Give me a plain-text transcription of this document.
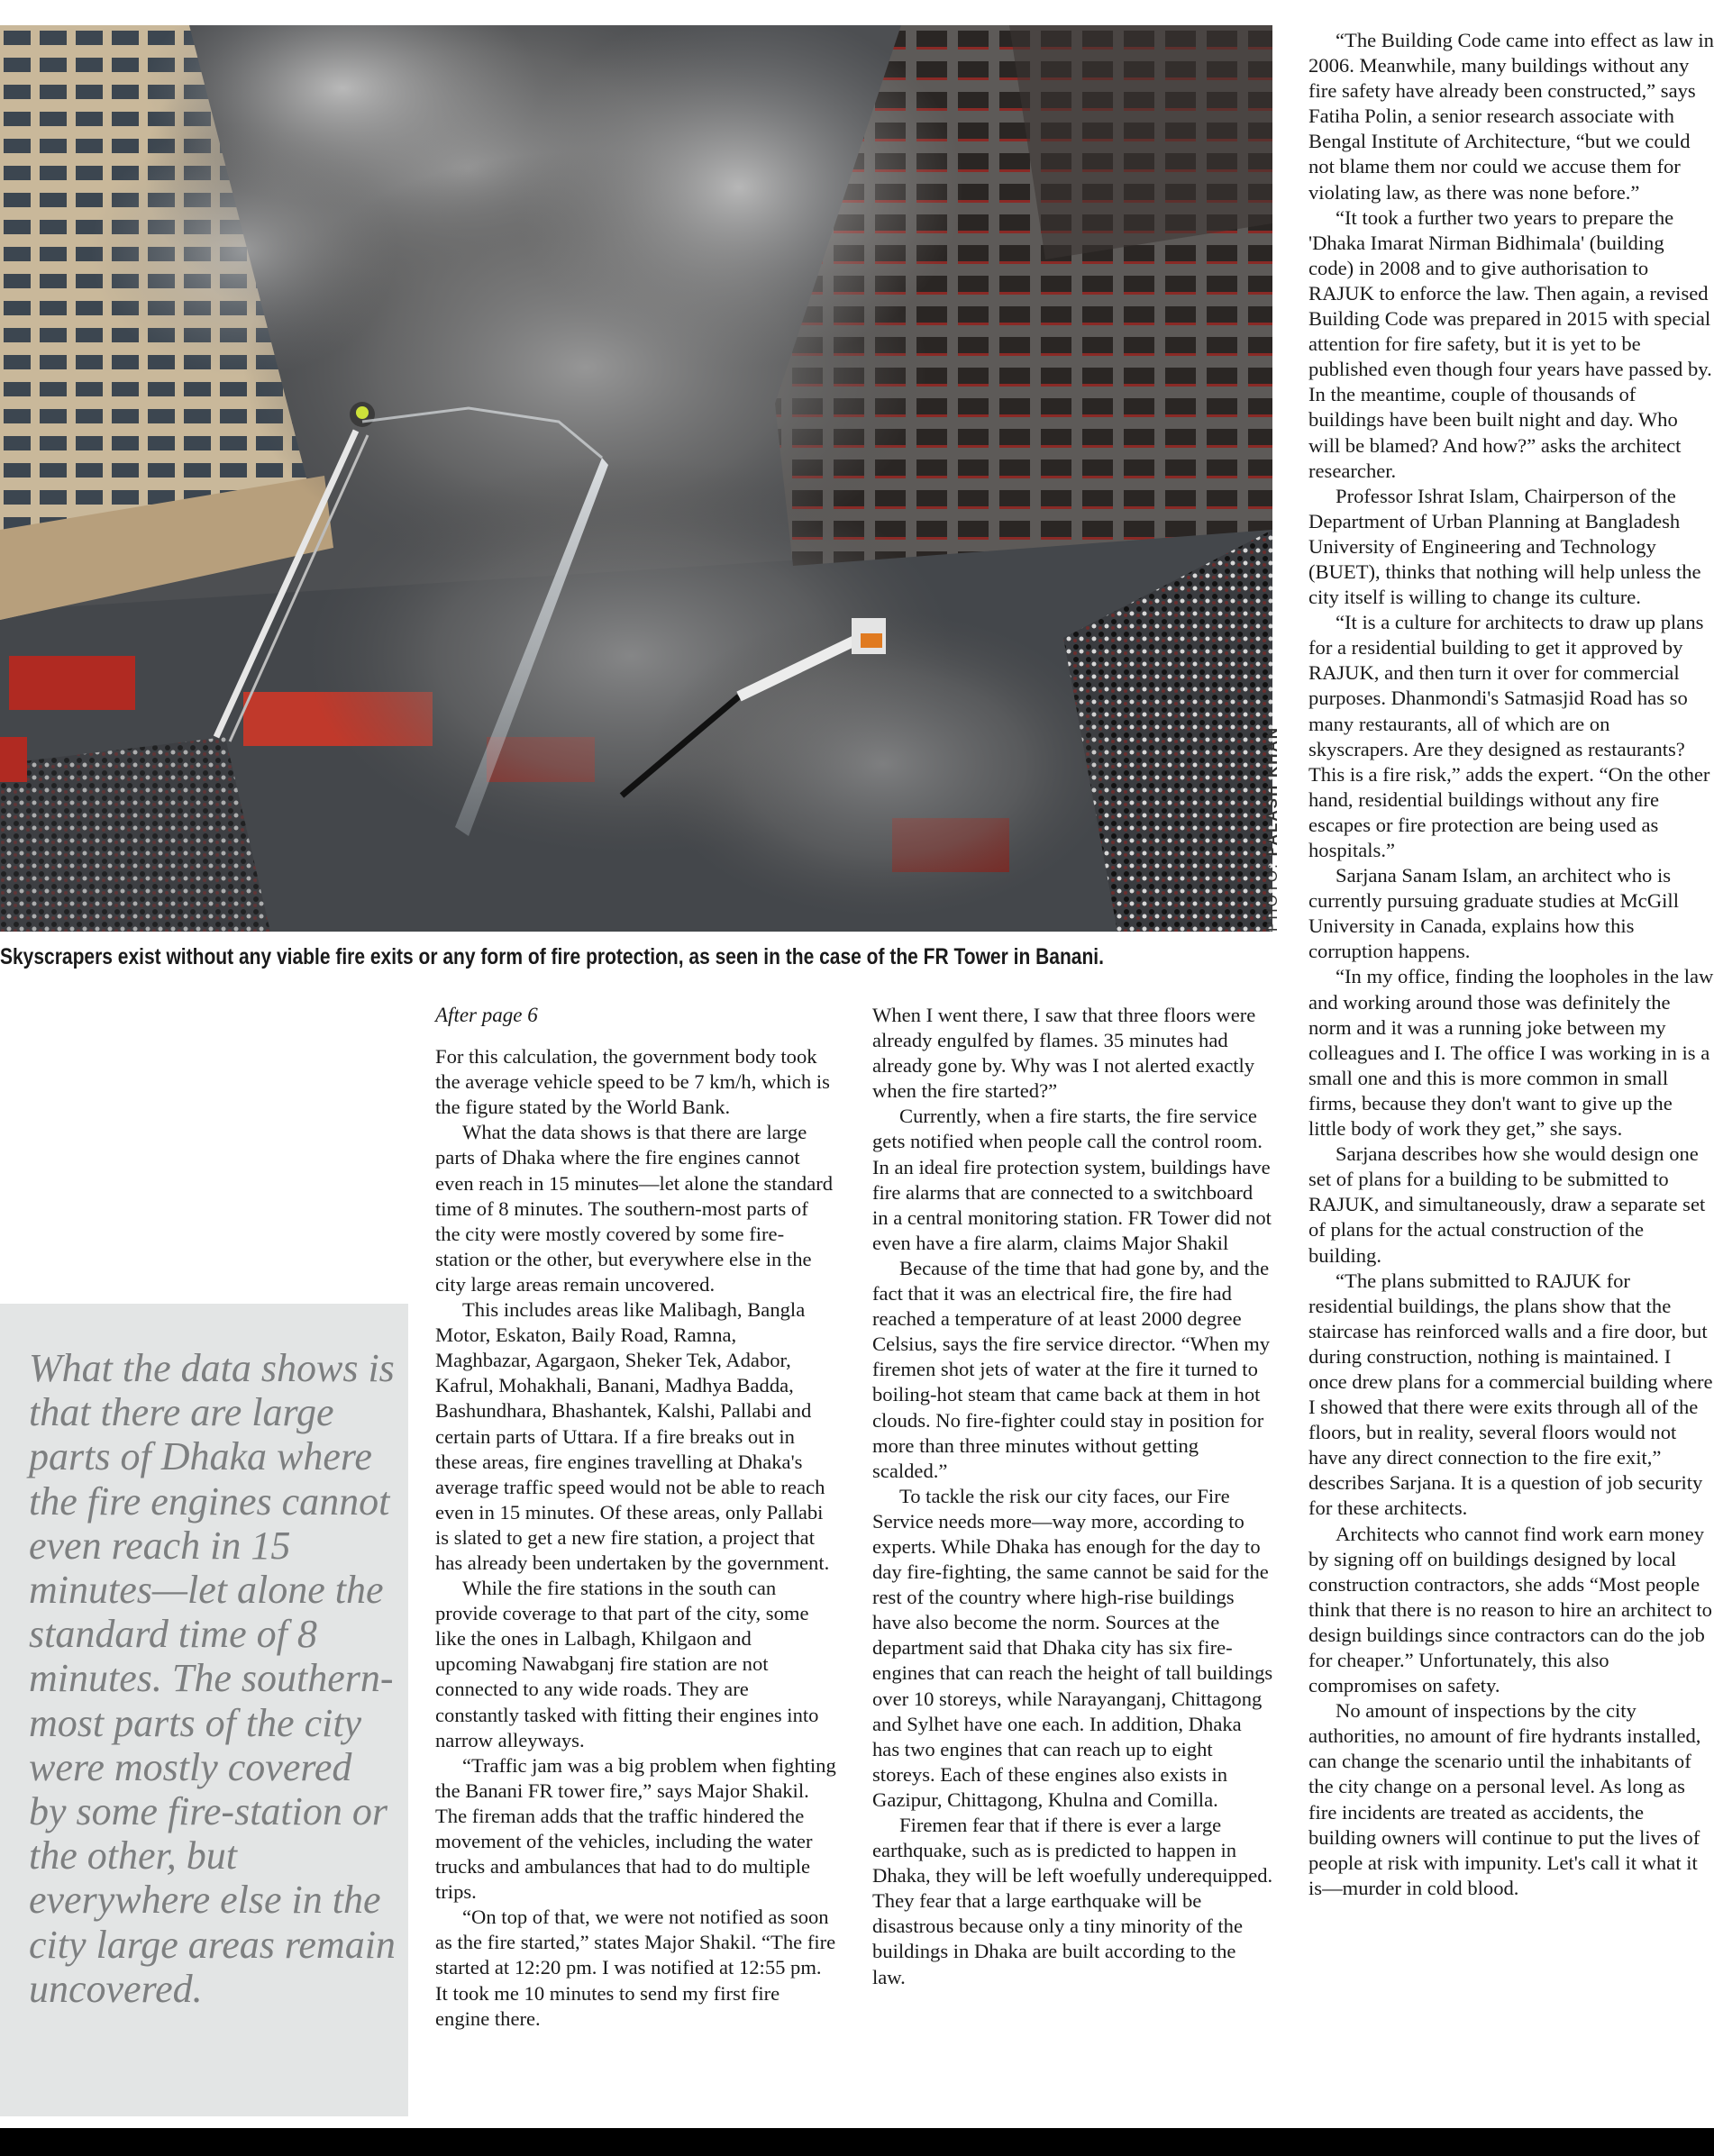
PHOTO: PALASH KHAN
Skyscrapers exist without any viable fire exits or any form of fire protection, as seen in the case of the FR Tower in Banani.
What the data shows is that there are large parts of Dhaka where the fire engines cannot even reach in 15 minutes—let alone the standard time of 8 minutes. The southern-most parts of the city were mostly covered by some fire-station or the other, but everywhere else in the city large areas remain uncovered.

After page 6

For this calculation, the government body took the average vehicle speed to be 7 km/h, which is the figure stated by the World Bank.

What the data shows is that there are large parts of Dhaka where the fire engines cannot even reach in 15 minutes—let alone the standard time of 8 minutes. The southern-most parts of the city were mostly covered by some fire-station or the other, but everywhere else in the city large areas remain uncovered.

This includes areas like Malibagh, Bangla Motor, Eskaton, Baily Road, Ramna, Maghbazar, Agargaon, Sheker Tek, Adabor, Kafrul, Mohakhali, Banani, Madhya Badda, Bashundhara, Bhashantek, Kalshi, Pallabi and certain parts of Uttara. If a fire breaks out in these areas, fire engines travelling at Dhaka's average traffic speed would not be able to reach even in 15 minutes. Of these areas, only Pallabi is slated to get a new fire station, a project that has already been undertaken by the government.

While the fire stations in the south can provide coverage to that part of the city, some like the ones in Lalbagh, Khilgaon and upcoming Nawabganj fire station are not connected to any wide roads. They are constantly tasked with fitting their engines into narrow alleyways.

“Traffic jam was a big problem when fighting the Banani FR tower fire,” says Major Shakil. The fireman adds that the traffic hindered the movement of the vehicles, including the water trucks and ambulances that had to do multiple trips.

“On top of that, we were not notified as soon as the fire started,” states Major Shakil. “The fire started at 12:20 pm. I was notified at 12:55 pm. It took me 10 minutes to send my first fire engine there.

When I went there, I saw that three floors were already engulfed by flames. 35 minutes had already gone by. Why was I not alerted exactly when the fire started?”

Currently, when a fire starts, the fire service gets notified when people call the control room. In an ideal fire protection system, buildings have fire alarms that are connected to a switchboard in a central monitoring station. FR Tower did not even have a fire alarm, claims Major Shakil

Because of the time that had gone by, and the fact that it was an electrical fire, the fire had reached a temperature of at least 2000 degree Celsius, says the fire service director. “When my firemen shot jets of water at the fire it turned to boiling-hot steam that came back at them in hot clouds. No fire-fighter could stay in position for more than three minutes without getting scalded.”

To tackle the risk our city faces, our Fire Service needs more—way more, according to experts. While Dhaka has enough for the day to day fire-fighting, the same cannot be said for the rest of the country where high-rise buildings have also become the norm. Sources at the department said that Dhaka city has six fire-engines that can reach the height of tall buildings over 10 storeys, while Narayanganj, Chittagong and Sylhet have one each. In addition, Dhaka has two engines that can reach up to eight storeys. Each of these engines also exists in Gazipur, Chittagong, Khulna and Comilla.

Firemen fear that if there is ever a large earthquake, such as is predicted to happen in Dhaka, they will be left woefully underequipped. They fear that a large earthquake will be disastrous because only a tiny minority of the buildings in Dhaka are built according to the law.

“The Building Code came into effect as law in 2006. Meanwhile, many buildings without any fire safety have already been constructed,” says Fatiha Polin, a senior research associate with Bengal Institute of Architecture, “but we could not blame them nor could we accuse them for violating law, as there was none before.”

“It took a further two years to prepare the 'Dhaka Imarat Nirman Bidhimala' (building code) in 2008 and to give authorisation to RAJUK to enforce the law. Then again, a revised Building Code was prepared in 2015 with special attention for fire safety, but it is yet to be published even though four years have passed by. In the meantime, couple of thousands of buildings have been built night and day. Who will be blamed? And how?” asks the architect researcher.

Professor Ishrat Islam, Chairperson of the Department of Urban Planning at Bangladesh University of Engineering and Technology (BUET), thinks that nothing will help unless the city itself is willing to change its culture.

“It is a culture for architects to draw up plans for a residential building to get it approved by RAJUK, and then turn it over for commercial purposes. Dhanmondi's Satmasjid Road has so many restaurants, all of which are on skyscrapers. Are they designed as restaurants? This is a fire risk,” adds the expert. “On the other hand, residential buildings without any fire escapes or fire protection are being used as hospitals.”

Sarjana Sanam Islam, an architect who is currently pursuing graduate studies at McGill University in Canada, explains how this corruption happens.

“In my office, finding the loopholes in the law and working around those was definitely the norm and it was a running joke between my colleagues and I. The office I was working in is a small one and this is more common in small firms, because they don't want to give up the little body of work they get,” she says.

Sarjana describes how she would design one set of plans for a building to be submitted to RAJUK, and simultaneously, draw a separate set of plans for the actual construction of the building.

“The plans submitted to RAJUK for residential buildings, the plans show that the staircase has reinforced walls and a fire door, but during construction, nothing is maintained. I once drew plans for a commercial building where I showed that there were exits through all of the floors, but in reality, several floors would not have any direct connection to the fire exit,” describes Sarjana. It is a question of job security for these architects.

Architects who cannot find work earn money by signing off on buildings designed by local construction contractors, she adds “Most people think that there is no reason to hire an architect to design buildings since contractors can do the job for cheaper.” Unfortunately, this also compromises on safety.

No amount of inspections by the city authorities, no amount of fire hydrants installed, can change the scenario until the inhabitants of the city change on a personal level. As long as fire incidents are treated as accidents, the building owners will continue to put the lives of people at risk with impunity. Let's call it what it is—murder in cold blood.
